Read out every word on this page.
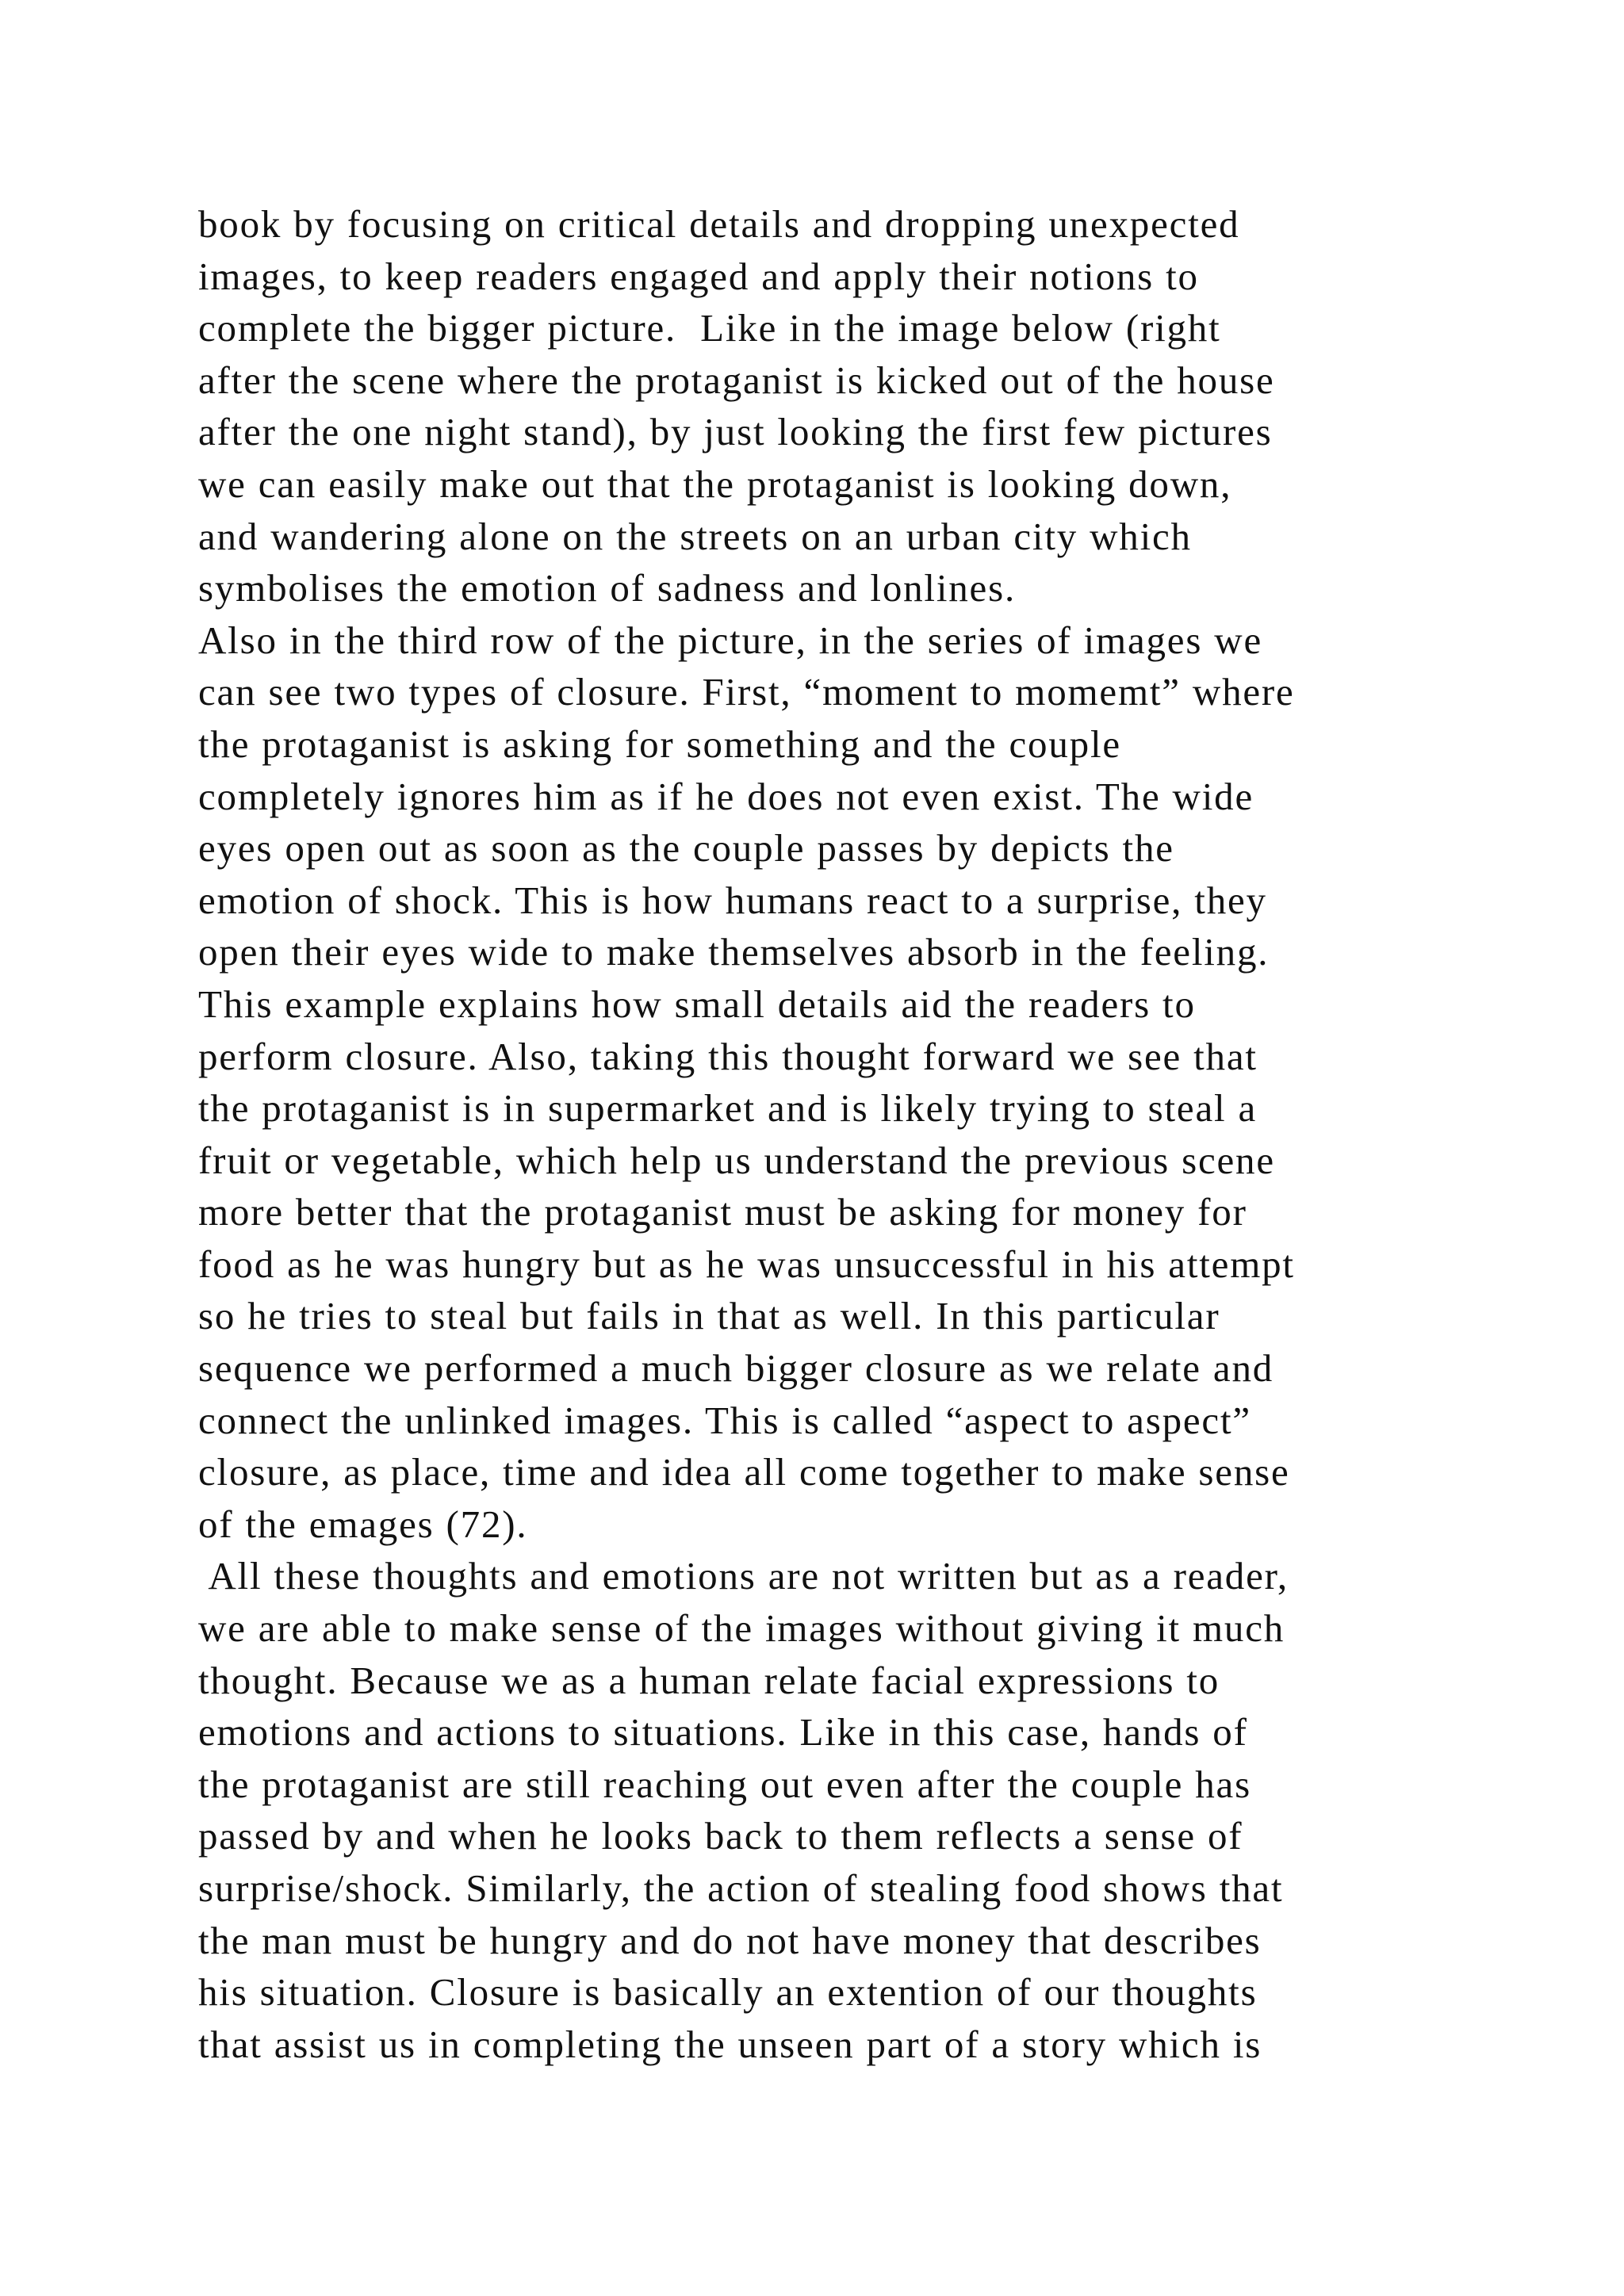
book by focusing on critical details and dropping unexpected
images, to keep readers engaged and apply their notions to
complete the bigger picture.  Like in the image below (right
after the scene where the protaganist is kicked out of the house
after the one night stand), by just looking the first few pictures
we can easily make out that the protaganist is looking down,
and wandering alone on the streets on an urban city which
symbolises the emotion of sadness and lonlines.
Also in the third row of the picture, in the series of images we
can see two types of closure. First, “moment to momemt” where
the protaganist is asking for something and the couple
completely ignores him as if he does not even exist. The wide
eyes open out as soon as the couple passes by depicts the
emotion of shock. This is how humans react to a surprise, they
open their eyes wide to make themselves absorb in the feeling.
This example explains how small details aid the readers to
perform closure. Also, taking this thought forward we see that
the protaganist is in supermarket and is likely trying to steal a
fruit or vegetable, which help us understand the previous scene
more better that the protaganist must be asking for money for
food as he was hungry but as he was unsuccessful in his attempt
so he tries to steal but fails in that as well. In this particular
sequence we performed a much bigger closure as we relate and
connect the unlinked images. This is called “aspect to aspect”
closure, as place, time and idea all come together to make sense
of the emages (72).
All these thoughts and emotions are not written but as a reader,
we are able to make sense of the images without giving it much
thought. Because we as a human relate facial expressions to
emotions and actions to situations. Like in this case, hands of
the protaganist are still reaching out even after the couple has
passed by and when he looks back to them reflects a sense of
surprise/shock. Similarly, the action of stealing food shows that
the man must be hungry and do not have money that describes
his situation. Closure is basically an extention of our thoughts
that assist us in completing the unseen part of a story which is
